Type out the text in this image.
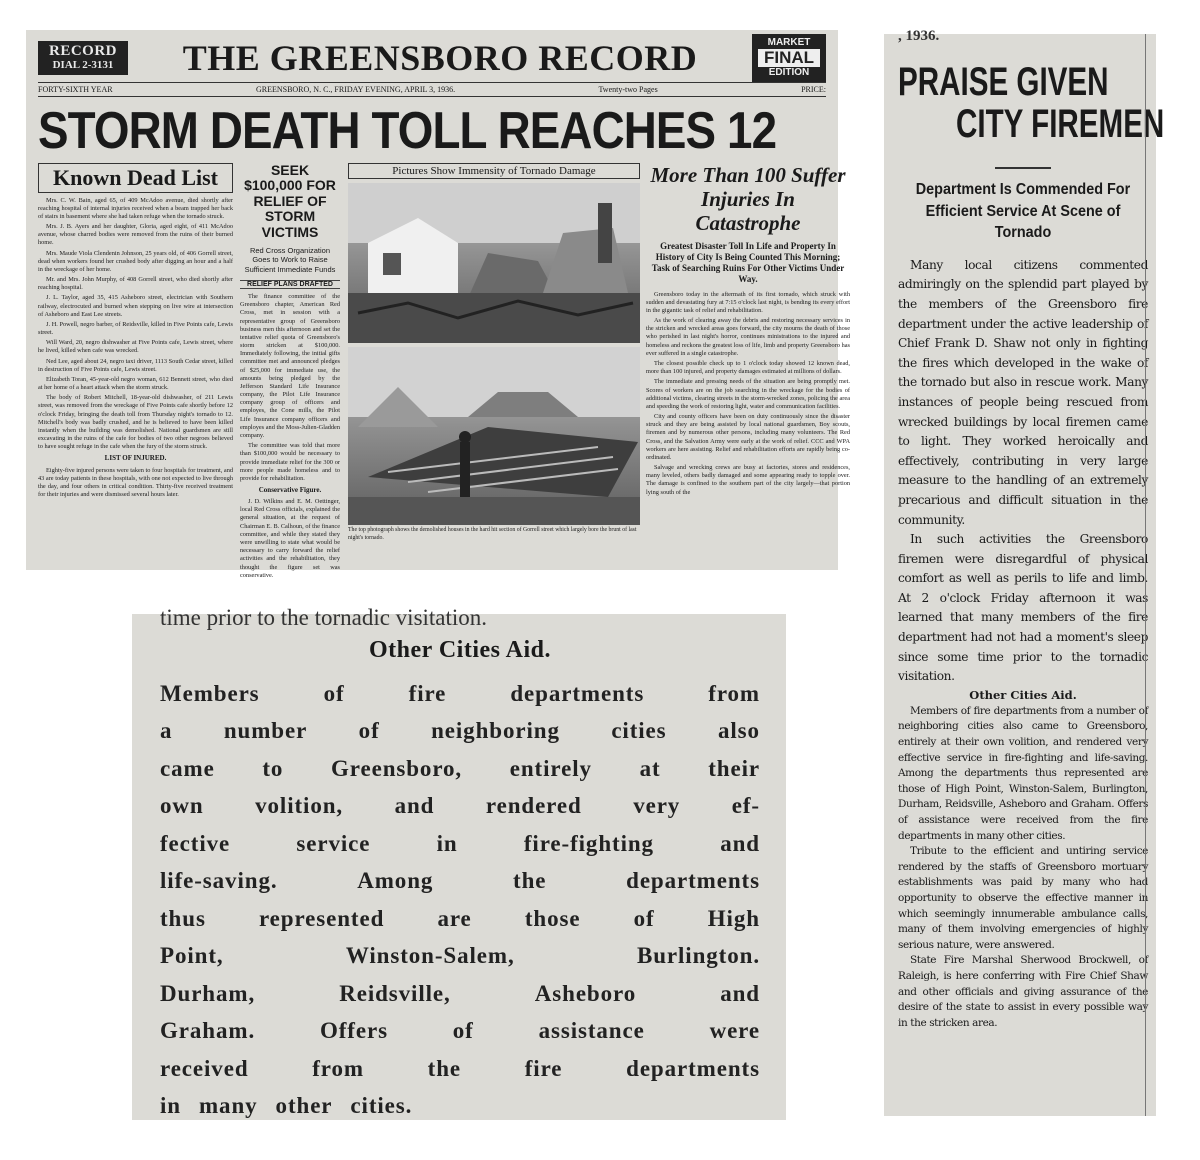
RECORD
DIAL 2-3131 THE GREENSBORO RECORD	MARKET
FINAL
EDITION
FORTY-SIXTH YEAR	GREENSBORO, N. C., FRIDAY EVENING, APRIL 3, 1936.	Twenty-two Pages	PRICE:
STORM DEATH TOLL REACHES 12
Known Dead List

Mrs. C. W. Bain, aged 65, of 409 McAdoo avenue, died shortly after reaching hospital of internal injuries received when a beam trapped her back of stairs in basement where she had taken refuge when the tornado struck.

Mrs. J. B. Ayers and her daughter, Gloria, aged eight, of 411 McAdoo avenue, whose charred bodies were removed from the ruins of their burned home.

Mrs. Maude Viola Clendenin Johnson, 25 years old, of 406 Gorrell street, dead when workers found her crushed body after digging an hour and a half in the wreckage of her home.

Mr. and Mrs. John Murphy, of 408 Gorrell street, who died shortly after reaching hospital.

J. L. Taylor, aged 35, 415 Asheboro street, electrician with Southern railway, electrocuted and burned when stepping on live wire at intersection of Asheboro and East Lee streets.

J. H. Powell, negro barber, of Reidsville, killed in Five Points cafe, Lewis street.

Will Ward, 20, negro dishwasher at Five Points cafe, Lewis street, where he lived, killed when cafe was wrecked.

Ned Lee, aged about 24, negro taxi driver, 1113 South Cedar street, killed in destruction of Five Points cafe, Lewis street.

Elizabeth Toran, 45-year-old negro woman, 612 Bennett street, who died at her home of a heart attack when the storm struck.

The body of Robert Mitchell, 18-year-old dishwasher, of 211 Lewis street, was removed from the wreckage of Five Points cafe shortly before 12 o'clock Friday, bringing the death toll from Thursday night's tornado to 12. Mitchell's body was badly crushed, and he is believed to have been killed instantly when the building was demolished. National guardsmen are still excavating in the ruins of the cafe for bodies of two other negroes believed to have sought refuge in the cafe when the fury of the storm struck.

LIST OF INJURED.

Eighty-five injured persons were taken to four hospitals for treatment, and 43 are today patients in these hospitals, with one not expected to live through the day, and four others in critical condition. Thirty-five received treatment for their injuries and were dismissed several hours later.

SEEK $100,000 FOR RELIEF OF STORM VICTIMS
Red Cross Organization Goes to Work to Raise Sufficient Immediate Funds
RELIEF PLANS DRAFTED

The finance committee of the Greensboro chapter, American Red Cross, met in session with a representative group of Greensboro business men this afternoon and set the tentative relief quota of Greensboro's storm stricken at $100,000. Immediately following, the initial gifts committee met and announced pledges of $25,000 for immediate use, the amounts being pledged by the Jefferson Standard Life Insurance company, the Pilot Life Insurance company group of officers and employes, the Cone mills, the Pilot Life Insurance company officers and employes and the Moss-Julien-Gladden company.

The committee was told that more than $100,000 would be necessary to provide immediate relief for the 300 or more people made homeless and to provide for rehabilitation.

Conservative Figure.

J. D. Wilkins and E. M. Oettinger, local Red Cross officials, explained the general situation, at the request of Chairman E. B. Calhoun, of the finance committee, and while they stated they were unwilling to state what would be necessary to carry forward the relief activities and the rehabilitation, they thought the figure set was conservative.

Pictures Show Immensity of Tornado Damage
The top photograph shows the demolished houses in the hard hit section of Gorrell street which largely bore the brunt of last night's tornado.
More Than 100 Suffer Injuries In Catastrophe
Greatest Disaster Toll In Life and Property In History of City Is Being Counted This Morning; Task of Searching Ruins For Other Victims Under Way.

Greensboro today in the aftermath of its first tornado, which struck with sudden and devastating fury at 7:15 o'clock last night, is bending its every effort in the gigantic task of relief and rehabilitation.

As the work of clearing away the debris and restoring necessary services in the stricken and wrecked areas goes forward, the city mourns the death of those who perished in last night's horror, continues ministrations to the injured and homeless and reckons the greatest loss of life, limb and property Greensboro has ever suffered in a single catastrophe.

The closest possible check up to 1 o'clock today showed 12 known dead, more than 100 injured, and property damages estimated at millions of dollars.

The immediate and pressing needs of the situation are being promptly met. Scores of workers are on the job searching in the wreckage for the bodies of additional victims, clearing streets in the storm-wrecked zones, policing the area and speeding the work of restoring light, water and communication facilities.

City and county officers have been on duty continuously since the disaster struck and they are being assisted by local national guardsmen, Boy scouts, firemen and by numerous other persons, including many volunteers. The Red Cross, and the Salvation Army were early at the work of relief. CCC and WPA workers are here assisting. Relief and rehabilitation efforts are rapidly being co-ordinated.

Salvage and wrecking crews are busy at factories, stores and residences, many leveled, others badly damaged and some appearing ready to topple over. The damage is confined to the southern part of the city largely—that portion lying south of the

time prior to the tornadic visitation.
Other Cities Aid.
Members	of	fire	departments	from
a number of neighboring cities also
came to Greensboro, entirely at their
own volition, and rendered very ef-
fective	service	in	fire-fighting	and
life-saving.	Among	the	departments
thus represented are those of High
Point,	Winston-Salem,	Burlington.
Durham,	Reidsville,	Asheboro	and
Graham.	Offers	of	assistance	were
received	from	the	fire	departments
in many other cities.
, 1936.
PRAISE GIVEN
CITY FIREMEN
Department Is Commended For Efficient Service At Scene of Tornado

Many local citizens commented admiringly on the splendid part played by the members of the Greensboro fire department under the active leadership of Chief Frank D. Shaw not only in fighting the fires which developed in the wake of the tornado but also in rescue work. Many instances of people being rescued from wrecked buildings by local firemen came to light. They worked heroically and effectively, contributing in very large measure to the handling of an extremely precarious and difficult situation in the community.

In such activities the Greensboro firemen were disregardful of physical comfort as well as perils to life and limb. At 2 o'clock Friday afternoon it was learned that many members of the fire department had not had a moment's sleep since some time prior to the tornadic visitation.

Other Cities Aid.

Members of fire departments from a number of neighboring cities also came to Greensboro, entirely at their own volition, and rendered very effective service in fire-fighting and life-saving. Among the departments thus represented are those of High Point, Winston-Salem, Burlington, Durham, Reidsville, Asheboro and Graham. Offers of assistance were received from the fire departments in many other cities.

Tribute to the efficient and untiring service rendered by the staffs of Greensboro mortuary establishments was paid by many who had opportunity to observe the effective manner in which seemingly innumerable ambulance calls, many of them involving emergencies of highly serious nature, were answered.

State Fire Marshal Sherwood Brockwell, of Raleigh, is here conferring with Fire Chief Shaw and other officials and giving assurance of the desire of the state to assist in every possible way in the stricken area.
